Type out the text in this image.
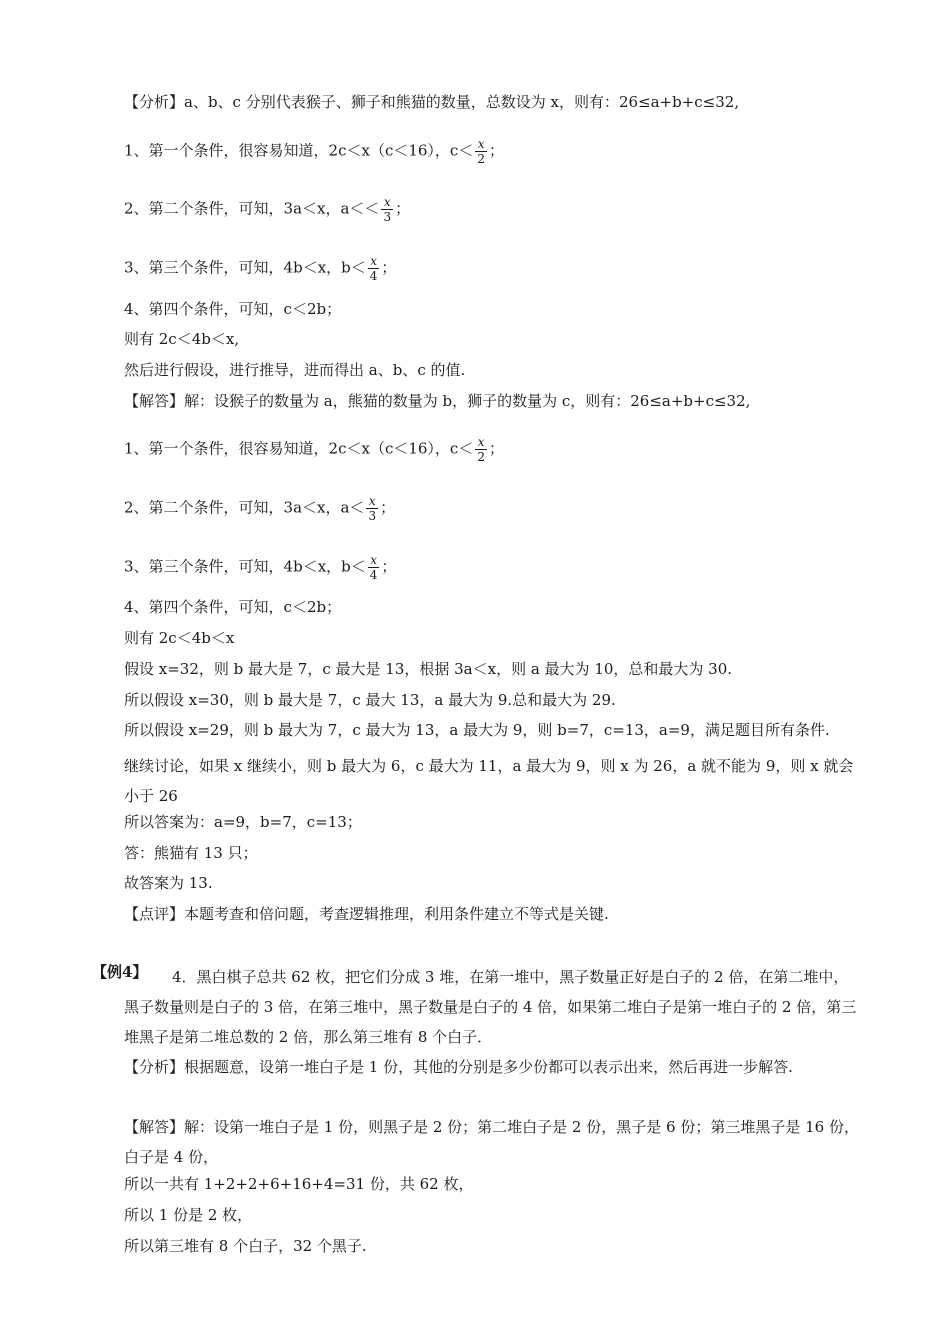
【分析】a、b、c 分别代表猴子、狮子和熊猫的数量，总数设为 x，则有：26≤a+b+c≤32,
1、第一个条件，很容易知道，2c＜x（c＜16），$c< \frac{x}{2}$ ；
2、第二个条件，可知，3a＜x，$a<< \frac{x}{3}$ ；
3、第三个条件，可知，4b＜x，$b< \frac{x}{4}$ ；
4、第四个条件，可知，c＜2b；
则有 2c＜4b＜x,
然后进行假设，进行推导，进而得出 a、b、c 的值.
【解答】解：设猴子的数量为 a，熊猫的数量为 b，狮子的数量为 c，则有：26≤a+b+c≤32,
1、第一个条件，很容易知道，2c＜x（c＜16），$c< \frac{x}{2}$ ；
2、第二个条件，可知，3a＜x，$a< \frac{x}{3}$ ；
3、第三个条件，可知，4b＜x，$b< \frac{x}{4}$ ；
4、第四个条件，可知，c＜2b；
则有 2c＜4b＜x
假设 x=32，则 b 最大是 7，c 最大是 13，根据 3a＜x，则 a 最大为 10，总和最大为 30.
所以假设 x=30，则 b 最大是 7，c 最大 13，a 最大为 9.总和最大为 29.
所以假设 x=29，则 b 最大为 7，c 最大为 13，a 最大为 9，则 b=7，c=13，a=9，满足题目所有条件.
继续讨论，如果 x 继续小，则 b 最大为 6，c 最大为 11，a 最大为 9，则 x 为 26，a 就不能为 9，则 x 就会小于 26
所以答案为：a=9，b=7，c=13；
答：熊猫有 13 只；
故答案为 13.
【点评】本题考查和倍问题，考查逻辑推理，利用条件建立不等式是关键.
【例4】	4．黑白棋子总共 62 枚，把它们分成 3 堆，在第一堆中，黑子数量正好是白子的 2 倍，在第二堆中，黑子数量则是白子的 3 倍，在第三堆中，黑子数量是白子的 4 倍，如果第二堆白子是第一堆白子的 2 倍，第三堆黑子是第二堆总数的 2 倍，那么第三堆有 8 个白子．
【分析】根据题意，设第一堆白子是 1 份，其他的分别是多少份都可以表示出来，然后再进一步解答.
【解答】解：设第一堆白子是 1 份，则黑子是 2 份；第二堆白子是 2 份，黑子是 6 份；第三堆黑子是 16 份，白子是 4 份，
所以一共有 1+2+2+6+16+4=31 份，共 62 枚，
所以 1 份是 2 枚，
所以第三堆有 8 个白子，32 个黑子.
